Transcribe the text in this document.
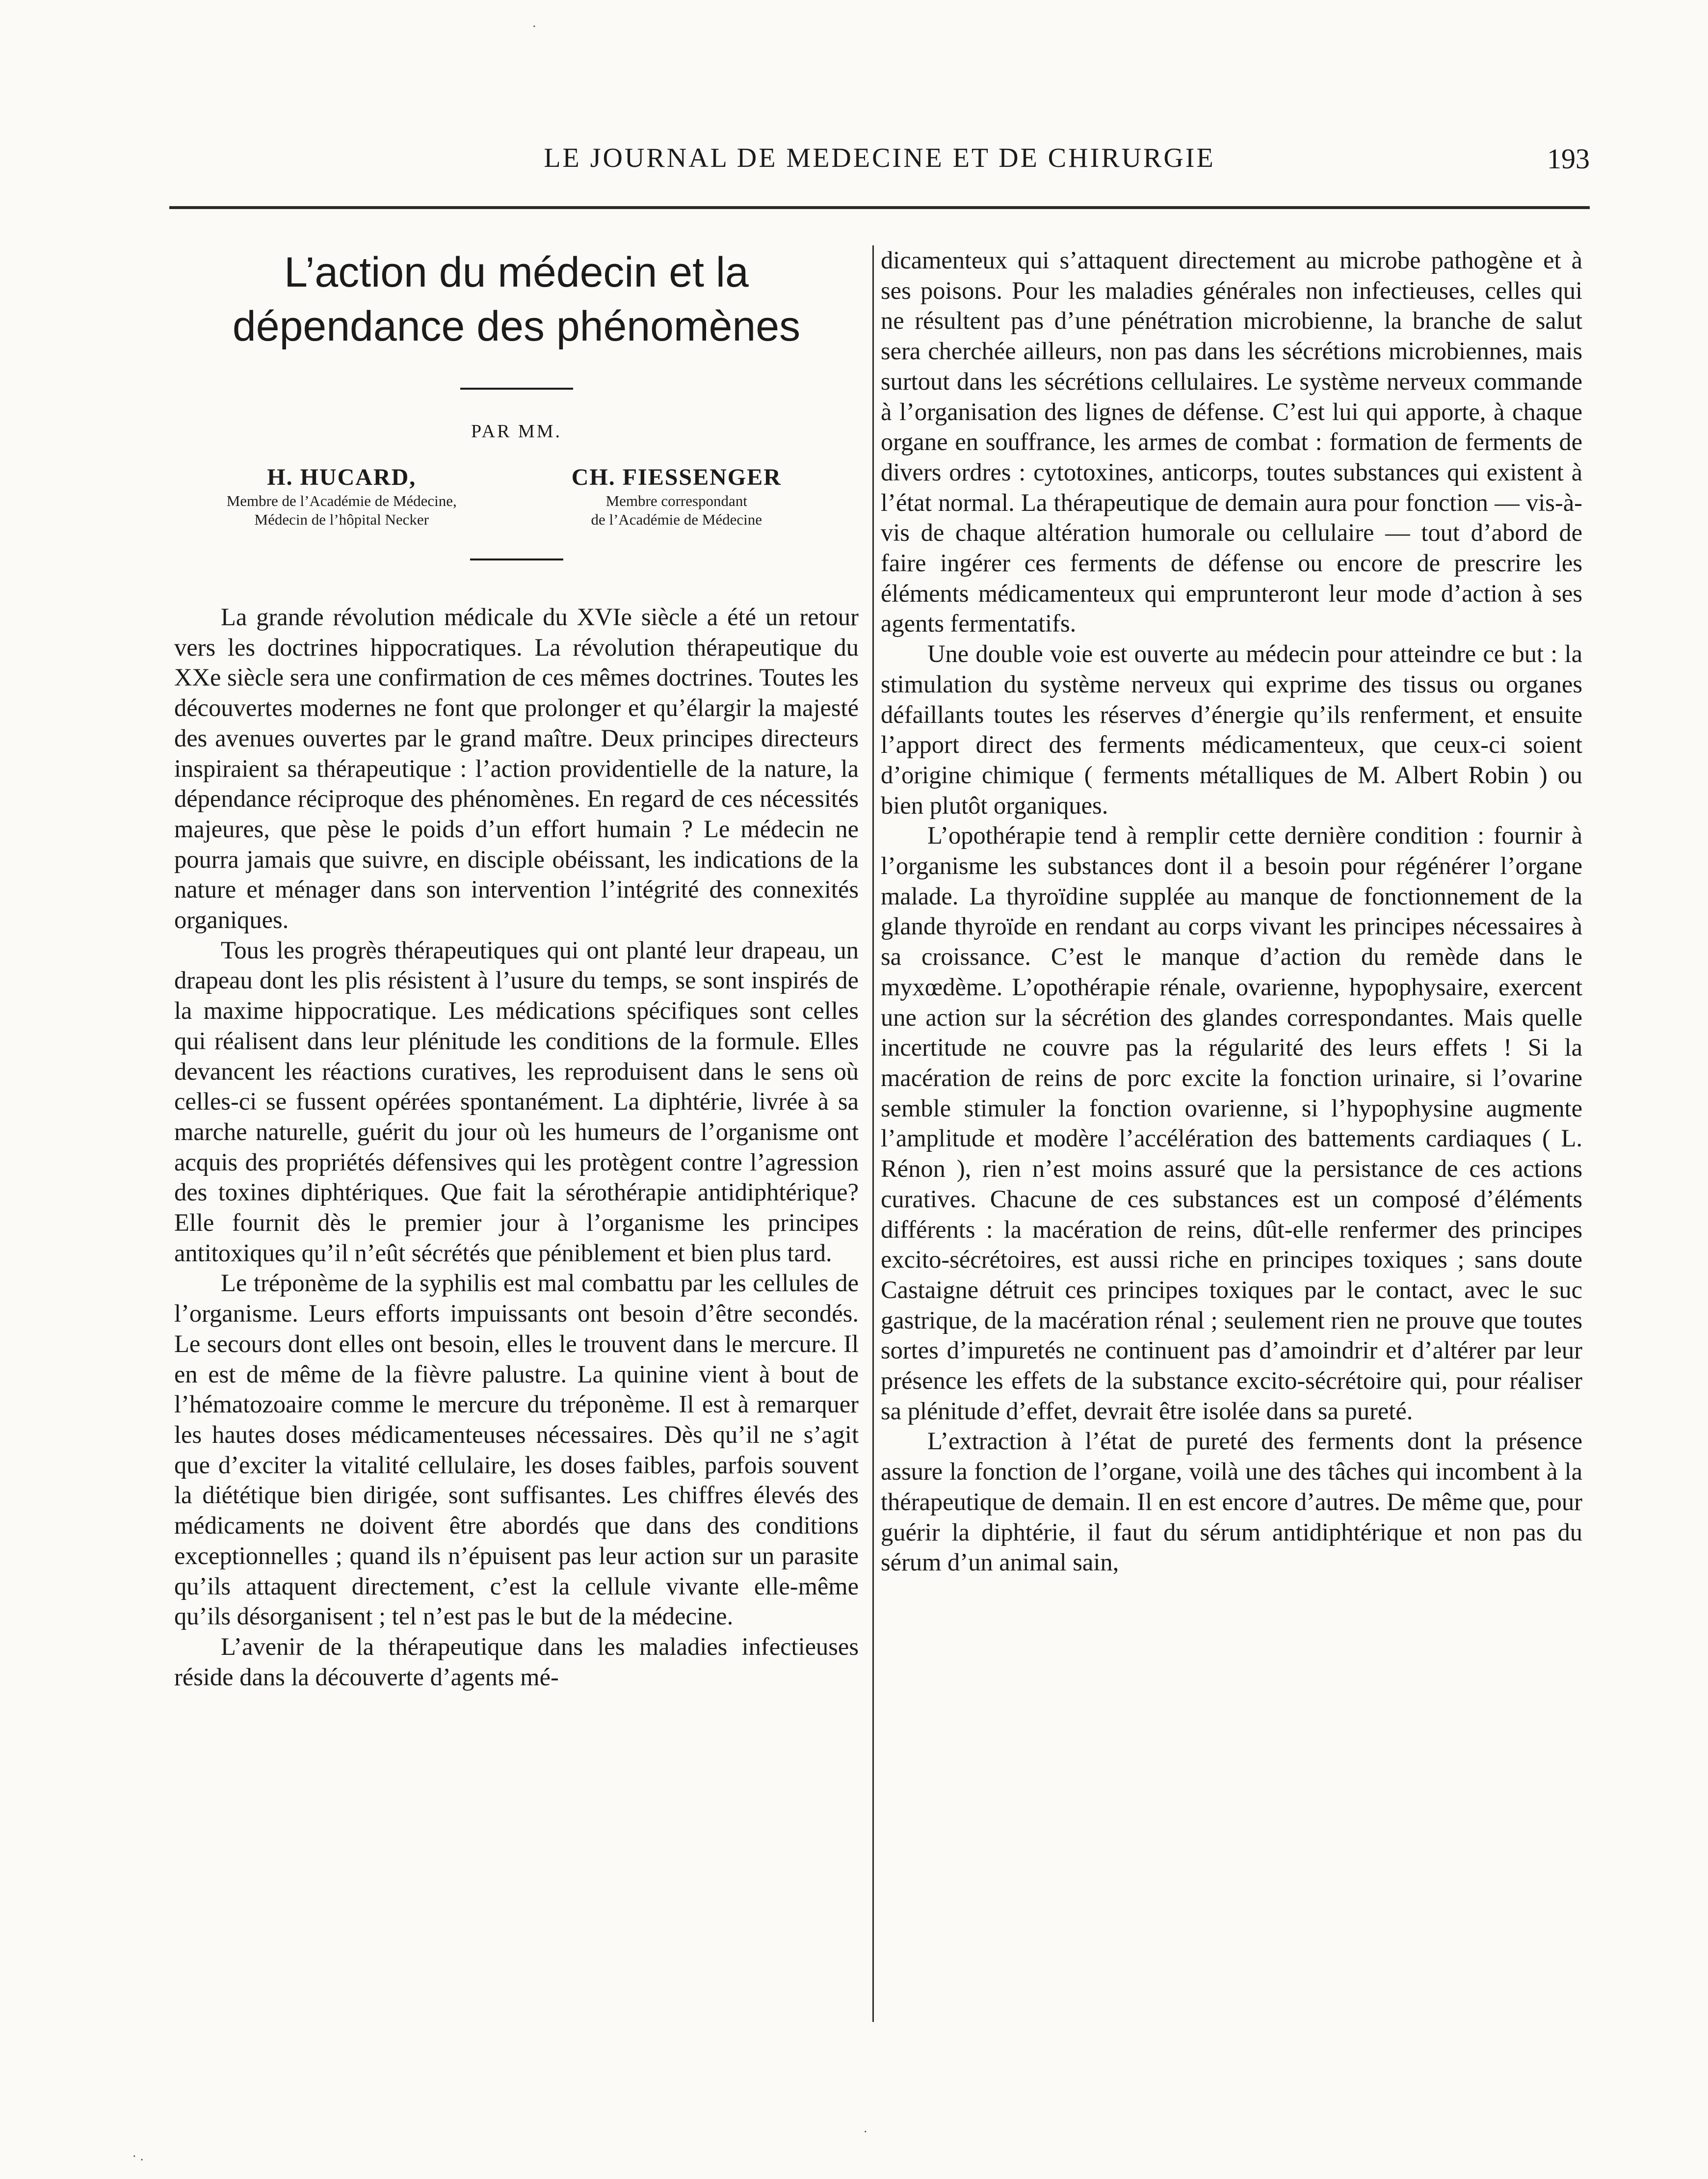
LE JOURNAL DE MEDECINE ET DE CHIRURGIE	193
L’action du médecin et la dépendance des phénomènes
PAR MM.
H. HUCARD,
Membre de l’Académie de Médecine,
Médecin de l’hôpital Necker
CH. FIESSENGER
Membre correspondant
de l’Académie de Médecine

La grande révolution médicale du XVIe siècle a été un retour vers les doctrines hippocratiques. La révolution thérapeutique du XXe siècle sera une confirmation de ces mêmes doctrines. Toutes les découvertes modernes ne font que prolonger et qu’élargir la majesté des avenues ouvertes par le grand maître. Deux principes directeurs inspiraient sa thérapeutique : l’action providentielle de la nature, la dépendance réciproque des phénomènes. En regard de ces nécessités majeures, que pèse le poids d’un effort humain ? Le médecin ne pourra jamais que suivre, en disciple obéissant, les indications de la nature et ménager dans son intervention l’intégrité des connexités organiques.

Tous les progrès thérapeutiques qui ont planté leur drapeau, un drapeau dont les plis résistent à l’usure du temps, se sont inspirés de la maxime hippocratique. Les médications spécifiques sont celles qui réalisent dans leur plénitude les conditions de la formule. Elles devancent les réactions curatives, les reproduisent dans le sens où celles-ci se fussent opérées spontanément. La diphtérie, livrée à sa marche naturelle, guérit du jour où les humeurs de l’organisme ont acquis des propriétés défensives qui les protègent contre l’agression des toxines diphtériques. Que fait la sérothérapie antidiphtérique? Elle fournit dès le premier jour à l’organisme les principes antitoxiques qu’il n’eût sécrétés que péniblement et bien plus tard.

Le tréponème de la syphilis est mal combattu par les cellules de l’organisme. Leurs efforts impuissants ont besoin d’être secondés. Le secours dont elles ont besoin, elles le trouvent dans le mercure. Il en est de même de la fièvre palustre. La quinine vient à bout de l’hématozoaire comme le mercure du tréponème. Il est à remarquer les hautes doses médicamenteuses nécessaires. Dès qu’il ne s’agit que d’exciter la vitalité cellulaire, les doses faibles, parfois souvent la diététique bien dirigée, sont suffisantes. Les chiffres élevés des médicaments ne doivent être abordés que dans des conditions exceptionnelles ; quand ils n’épuisent pas leur action sur un parasite qu’ils attaquent directement, c’est la cellule vivante elle-même qu’ils désorganisent ; tel n’est pas le but de la médecine.

L’avenir de la thérapeutique dans les maladies infectieuses réside dans la découverte d’agents mé-

dicamenteux qui s’attaquent directement au microbe pathogène et à ses poisons. Pour les maladies générales non infectieuses, celles qui ne résultent pas d’une pénétration microbienne, la branche de salut sera cherchée ailleurs, non pas dans les sécrétions microbiennes, mais surtout dans les sécrétions cellulaires. Le système nerveux commande à l’organisation des lignes de défense. C’est lui qui apporte, à chaque organe en souffrance, les armes de combat : formation de ferments de divers ordres : cytotoxines, anticorps, toutes substances qui existent à l’état normal. La thérapeutique de demain aura pour fonction — vis-à-vis de chaque altération humorale ou cellulaire — tout d’abord de faire ingérer ces ferments de défense ou encore de prescrire les éléments médicamenteux qui emprunteront leur mode d’action à ses agents fermentatifs.

Une double voie est ouverte au médecin pour atteindre ce but : la stimulation du système nerveux qui exprime des tissus ou organes défaillants toutes les réserves d’énergie qu’ils renferment, et ensuite l’apport direct des ferments médicamenteux, que ceux-ci soient d’origine chimique ( ferments métalliques de M. Albert Robin ) ou bien plutôt organiques.

L’opothérapie tend à remplir cette dernière condition : fournir à l’organisme les substances dont il a besoin pour régénérer l’organe malade. La thyroïdine supplée au manque de fonctionnement de la glande thyroïde en rendant au corps vivant les principes nécessaires à sa croissance. C’est le manque d’action du remède dans le myxœdème. L’opothérapie rénale, ovarienne, hypophysaire, exercent une action sur la sécrétion des glandes correspondantes. Mais quelle incertitude ne couvre pas la régularité des leurs effets ! Si la macération de reins de porc excite la fonction urinaire, si l’ovarine semble stimuler la fonction ovarienne, si l’hypophysine augmente l’amplitude et modère l’accélération des battements cardiaques ( L. Rénon ), rien n’est moins assuré que la persistance de ces actions curatives. Chacune de ces substances est un composé d’éléments différents : la macération de reins, dût-elle renfermer des principes excito-sécrétoires, est aussi riche en principes toxiques ; sans doute Castaigne détruit ces principes toxiques par le contact, avec le suc gastrique, de la macération rénal ; seulement rien ne prouve que toutes sortes d’impuretés ne continuent pas d’amoindrir et d’altérer par leur présence les effets de la substance excito-sécrétoire qui, pour réaliser sa plénitude d’effet, devrait être isolée dans sa pureté.

L’extraction à l’état de pureté des ferments dont la présence assure la fonction de l’organe, voilà une des tâches qui incombent à la thérapeutique de demain. Il en est encore d’autres. De même que, pour guérir la diphtérie, il faut du sérum antidiphtérique et non pas du sérum d’un animal sain,

·
·
· .
